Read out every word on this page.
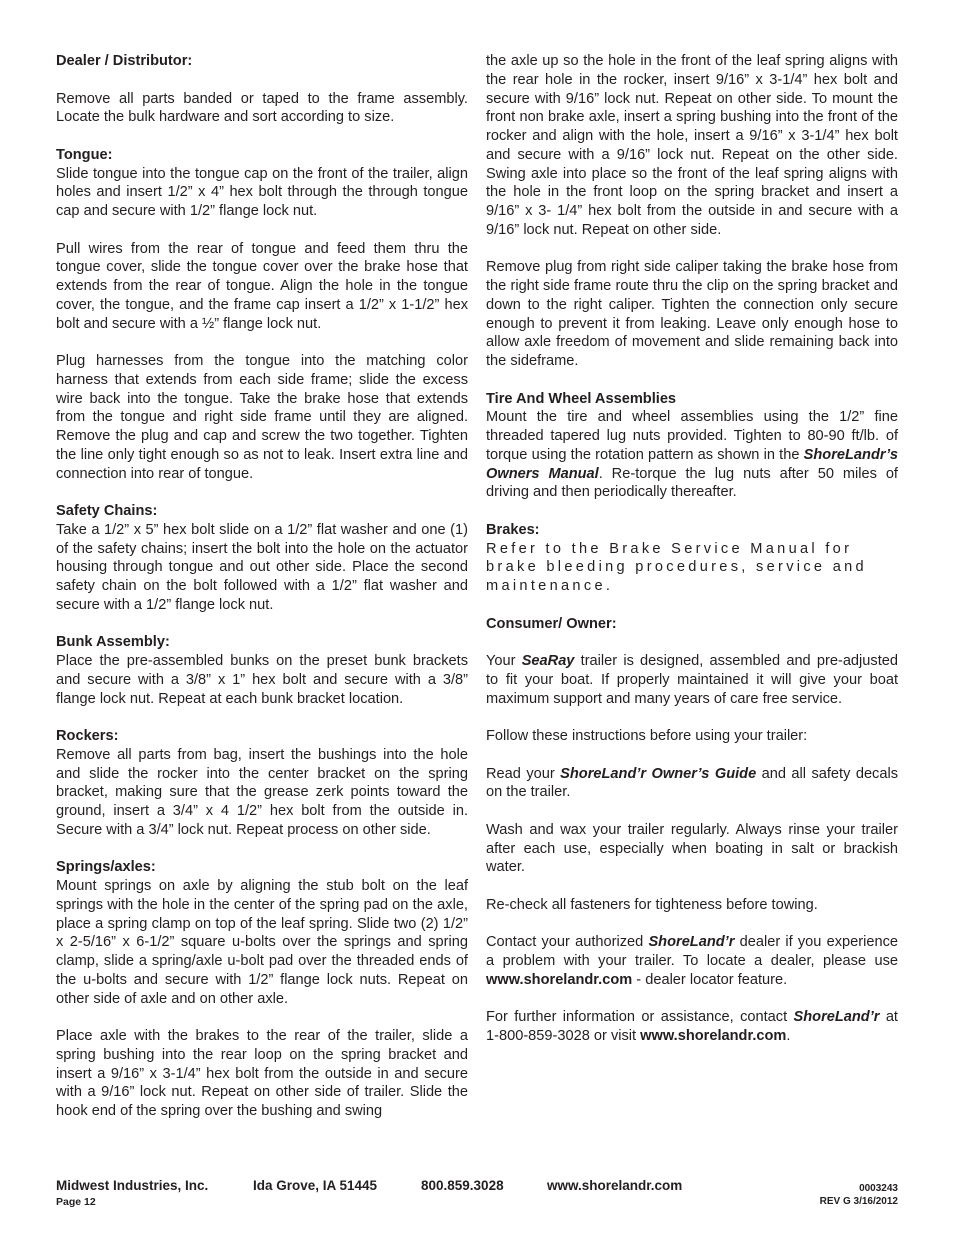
Dealer / Distributor:

Remove all parts banded or taped to the frame assembly. Locate the bulk hardware and sort according to size.

Tongue:

Slide tongue into the tongue cap on the front of the trailer, align holes and insert 1/2” x 4” hex bolt through the through tongue cap and secure with 1/2” flange lock nut.

Pull wires from the rear of tongue and feed them thru the tongue cover, slide the tongue cover over the brake hose that extends from the rear of tongue. Align the hole in the tongue cover, the tongue, and the frame cap insert a 1/2” x 1-1/2” hex bolt and secure with a ½” flange lock nut.

Plug harnesses from the tongue into the matching color harness that extends from each side frame; slide the excess wire back into the tongue. Take the brake hose that extends from the tongue and right side frame until they are aligned. Remove the plug and cap and screw the two together. Tighten the line only tight enough so as not to leak. Insert extra line and connection into rear of tongue.

Safety Chains:

Take a 1/2” x 5” hex bolt slide on a 1/2” flat washer and one (1) of the safety chains; insert the bolt into the hole on the actuator housing through tongue and out other side. Place the second safety chain on the bolt followed with a 1/2” flat washer and secure with a 1/2” flange lock nut.

Bunk Assembly:

Place the pre-assembled bunks on the preset bunk brackets and secure with a 3/8” x 1” hex bolt and secure with a 3/8” flange lock nut. Repeat at each bunk bracket location.

Rockers:

Remove all parts from bag, insert the bushings into the hole and slide the rocker into the center bracket on the spring bracket, making sure that the grease zerk points toward the ground, insert a 3/4” x 4 1/2” hex bolt from the outside in. Secure with a 3/4” lock nut. Repeat process on other side.

Springs/axles:

Mount springs on axle by aligning the stub bolt on the leaf springs with the hole in the center of the spring pad on the axle, place a spring clamp on top of the leaf spring. Slide two (2) 1/2” x 2-5/16” x 6-1/2” square u-bolts over the springs and spring clamp, slide a spring/axle u-bolt pad over the threaded ends of the u-bolts and secure with 1/2” flange lock nuts. Repeat on other side of axle and on other axle.

Place axle with the brakes to the rear of the trailer, slide a spring bushing into the rear loop on the spring bracket and insert a 9/16” x 3-1/4” hex bolt from the outside in and secure with a 9/16” lock nut. Repeat on other side of trailer. Slide the hook end of the spring over the bushing and swing

the axle up so the hole in the front of the leaf spring aligns with the rear hole in the rocker, insert 9/16” x 3-1/4” hex bolt and secure with 9/16” lock nut. Repeat on other side. To mount the front non brake axle, insert a spring bushing into the front of the rocker and align with the hole, insert a 9/16” x 3-1/4” hex bolt and secure with a 9/16” lock nut. Repeat on the other side. Swing axle into place so the front of the leaf spring aligns with the hole in the front loop on the spring bracket and insert a 9/16” x 3- 1/4” hex bolt from the outside in and secure with a 9/16” lock nut. Repeat on other side.

Remove plug from right side caliper taking the brake hose from the right side frame route thru the clip on the spring bracket and down to the right caliper. Tighten the connection only secure enough to prevent it from leaking. Leave only enough hose to allow axle freedom of movement and slide remaining back into the sideframe.

Tire And Wheel Assemblies

Mount the tire and wheel assemblies using the 1/2” fine threaded tapered lug nuts provided. Tighten to 80-90 ft/lb. of torque using the rotation pattern as shown in the ShoreLandr’s Owners Manual. Re-torque the lug nuts after 50 miles of driving and then periodically thereafter.

Brakes:

Refer to the Brake Service Manual for brake bleeding procedures, service and maintenance.

Consumer/ Owner:

Your SeaRay trailer is designed, assembled and pre-adjusted to fit your boat. If properly maintained it will give your boat maximum support and many years of care free service.

Follow these instructions before using your trailer:

Read your ShoreLand’r Owner’s Guide and all safety decals on the trailer.

Wash and wax your trailer regularly. Always rinse your trailer after each use, especially when boating in salt or brackish water.

Re-check all fasteners for tighteness before towing.

Contact your authorized ShoreLand’r dealer if you experience a problem with your trailer. To locate a dealer, please use www.shorelandr.com - dealer locator feature.

For further information or assistance, contact ShoreLand’r at 1-800-859-3028 or visit www.shorelandr.com.

Midwest Industries, Inc.	Ida Grove, IA 51445	800.859.3028	www.shorelandr.com
Page 12
0003243
REV G 3/16/2012
